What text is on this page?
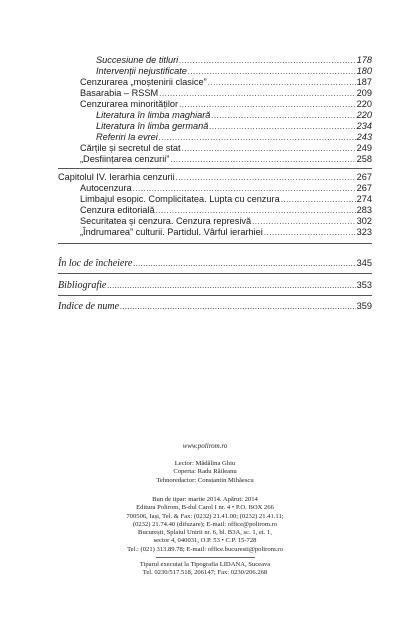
Succesiune de titluri .....	178
Intervenții nejustificate .....	180
Cenzurarea „moștenirii clasice” .....	187
Basarabia – RSSM .....	209
Cenzurarea minorităților .....	220
Literatura în limba maghiară .....	220
Literatura în limba germană .....	234
Referiri la evrei .....	243
Cărțile și secretul de stat .....	249
„Desființarea cenzurii” .....	258
Capitolul IV. Ierarhia cenzurii .....	267
Autocenzura .....	267
Limbajul esopic. Complicitatea. Lupta cu cenzura .....	274
Cenzura editorială .....	283
Securitatea și cenzura. Cenzura represivă .....	302
„Îndrumarea” culturii. Partidul. Vârful ierarhiei .....	323
În loc de încheiere .....	345
Bibliografie .....	353
Indice de nume .....	359
www.polirom.ro
Lector: Mădălina Ghiu
Coperta: Radu Răileanu
Tehnoredactor: Constantin Mihăescu
Bun de tipar: martie 2014. Apărut: 2014
Editura Polirom, B-dul Carol I nr. 4 • P.O. BOX 266
700506, Iași, Tel. & Fax: (0232) 21.41.00; (0232) 21.41.11;
(0232) 21.74.40 (difuzare); E-mail: office@polirom.ro
București, Splaiul Unirii nr. 6, bl. B3A, sc. 1, et. 1,
sector 4, 040031, O.P. 53 • C.P. 15-728
Tel.: (021) 313.89.78; E-mail: office.bucuresti@polirom.ro
Tiparul executat la Tipografia LIDANA, Suceava
Tel. 0230/517.518, 206147; Fax: 0230/206.268
